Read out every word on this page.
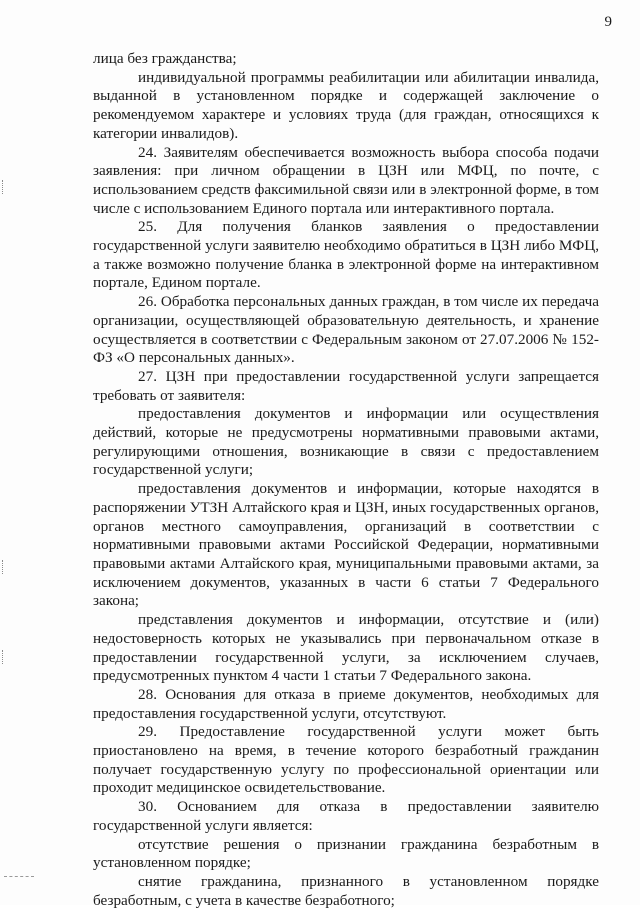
9

лица без гражданства;

индивидуальной программы реабилитации или абилитации инвалида, выданной в установленном порядке и содержащей заключение о рекомендуемом характере и условиях труда (для граждан, относящихся к категории инвалидов).

24. Заявителям обеспечивается возможность выбора способа подачи заявления: при личном обращении в ЦЗН или МФЦ, по почте, с использованием средств факсимильной связи или в электронной форме, в том числе с использованием Единого портала или интерактивного портала.

25. Для получения бланков заявления о предоставлении государственной услуги заявителю необходимо обратиться в ЦЗН либо МФЦ, а также возможно получение бланка в электронной форме на интерактивном портале, Едином портале.

26. Обработка персональных данных граждан, в том числе их передача организации, осуществляющей образовательную деятельность, и хранение осуществляется в соответствии с Федеральным законом от 27.07.2006 № 152-ФЗ «О персональных данных».

27. ЦЗН при предоставлении государственной услуги запрещается требовать от заявителя:

предоставления документов и информации или осуществления действий, которые не предусмотрены нормативными правовыми актами, регулирующими отношения, возникающие в связи с предоставлением государственной услуги;

предоставления документов и информации, которые находятся в распоряжении УТЗН Алтайского края и ЦЗН, иных государственных органов, органов местного самоуправления, организаций в соответствии с нормативными правовыми актами Российской Федерации, нормативными правовыми актами Алтайского края, муниципальными правовыми актами, за исключением документов, указанных в части 6 статьи 7 Федерального закона;

представления документов и информации, отсутствие и (или) недостоверность которых не указывались при первоначальном отказе в предоставлении государственной услуги, за исключением случаев, предусмотренных пунктом 4 части 1 статьи 7 Федерального закона.

28. Основания для отказа в приеме документов, необходимых для предоставления государственной услуги, отсутствуют.

29. Предоставление государственной услуги может быть приостановлено на время, в течение которого безработный гражданин получает государственную услугу по профессиональной ориентации или проходит медицинское освидетельствование.

30. Основанием для отказа в предоставлении заявителю государственной услуги является:

отсутствие решения о признании гражданина безработным в установленном порядке;

снятие гражданина, признанного в установленном порядке безработным, с учета в качестве безработного;
